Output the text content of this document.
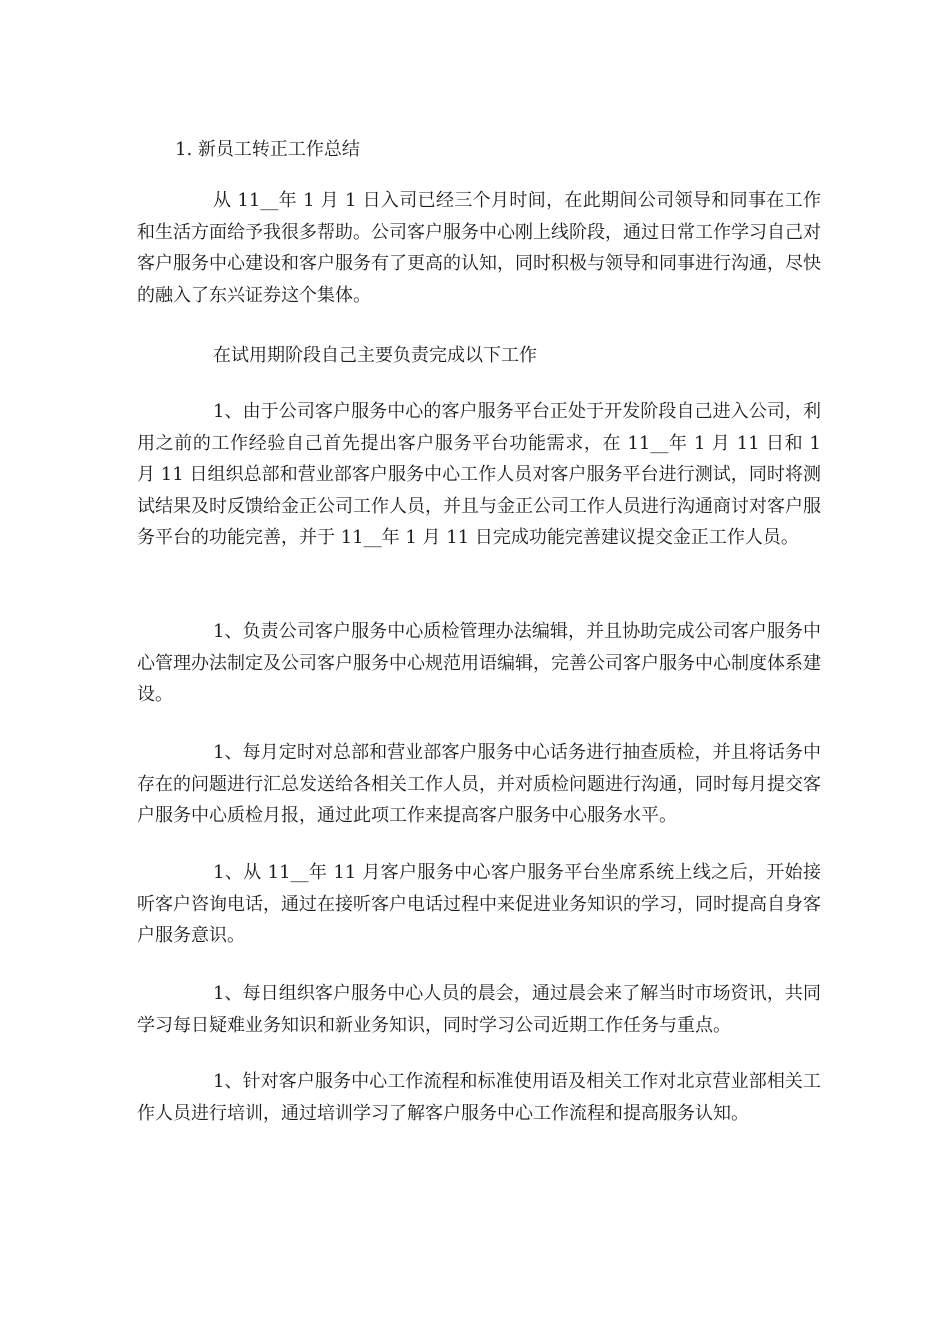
1. 新员工转正工作总结

从 11__年 1 月 1 日入司已经三个月时间，在此期间公司领导和同事在工作和生活方面给予我很多帮助。公司客户服务中心刚上线阶段，通过日常工作学习自己对客户服务中心建设和客户服务有了更高的认知，同时积极与领导和同事进行沟通，尽快的融入了东兴证券这个集体。

在试用期阶段自己主要负责完成以下工作

1、由于公司客户服务中心的客户服务平台正处于开发阶段自己进入公司，利用之前的工作经验自己首先提出客户服务平台功能需求，在 11__年 1 月 11 日和 1 月 11 日组织总部和营业部客户服务中心工作人员对客户服务平台进行测试，同时将测试结果及时反馈给金正公司工作人员，并且与金正公司工作人员进行沟通商讨对客户服务平台的功能完善，并于 11__年 1 月 11 日完成功能完善建议提交金正工作人员。

1、负责公司客户服务中心质检管理办法编辑，并且协助完成公司客户服务中心管理办法制定及公司客户服务中心规范用语编辑，完善公司客户服务中心制度体系建设。

1、每月定时对总部和营业部客户服务中心话务进行抽查质检，并且将话务中存在的问题进行汇总发送给各相关工作人员，并对质检问题进行沟通，同时每月提交客户服务中心质检月报，通过此项工作来提高客户服务中心服务水平。

1、从 11__年 11 月客户服务中心客户服务平台坐席系统上线之后，开始接听客户咨询电话，通过在接听客户电话过程中来促进业务知识的学习，同时提高自身客户服务意识。

1、每日组织客户服务中心人员的晨会，通过晨会来了解当时市场资讯，共同学习每日疑难业务知识和新业务知识，同时学习公司近期工作任务与重点。

1、针对客户服务中心工作流程和标准使用语及相关工作对北京营业部相关工作人员进行培训，通过培训学习了解客户服务中心工作流程和提高服务认知。
